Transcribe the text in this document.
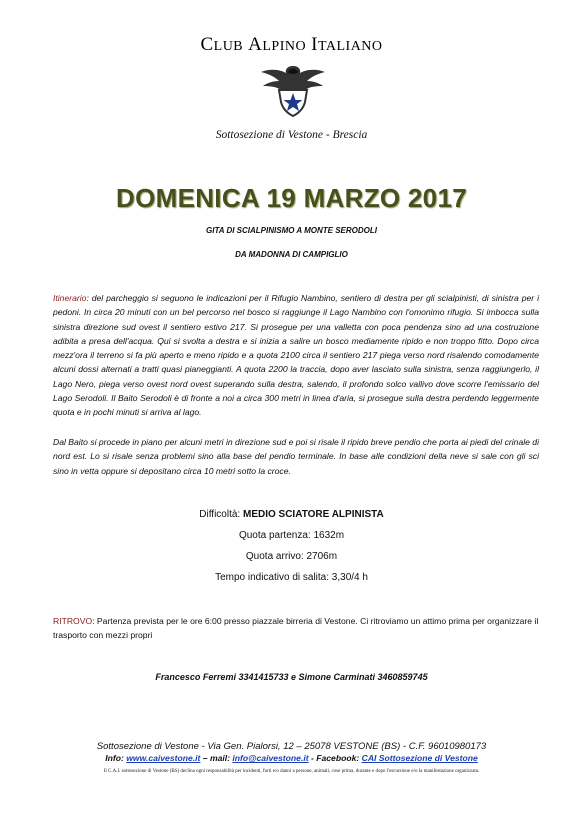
CLUB ALPINO ITALIANO
Sottosezione di Vestone - Brescia
DOMENICA 19 MARZO 2017
GITA DI SCIALPINISMO A MONTE SERODOLI
DA MADONNA DI CAMPIGLIO

Itinerario: del parcheggio si seguono le indicazioni per il Rifugio Nambino, sentiero di destra per gli scialpinisti, di sinistra per i pedoni. In circa 20 minuti con un bel percorso nel bosco si raggiunge il Lago Nambino con l'omonimo rifugio. Si imbocca sulla sinistra direzione sud ovest il sentiero estivo 217. Si prosegue per una valletta con poca pendenza sino ad una costruzione adibita a presa dell'acqua. Qui si svolta a destra e si inizia a salire un bosco mediamente ripido e non troppo fitto. Dopo circa mezz'ora il terreno si fa più aperto e meno ripido e a quota 2100 circa il sentiero 217 piega verso nord risalendo comodamente alcuni dossi alternati a tratti quasi pianeggianti. A quota 2200 la traccia, dopo aver lasciato sulla sinistra, senza raggiungerlo, il Lago Nero, piega verso ovest nord ovest superando sulla destra, salendo, il profondo solco vallivo dove scorre l'emissario del Lago Serodoli. Il Baito Serodoli è di fronte a noi a circa 300 metri in linea d'aria, si prosegue sulla destra perdendo leggermente quota e in pochi minuti si arriva al lago.

Dal Baito si procede in piano per alcuni metri in direzione sud e poi si risale il ripido breve pendio che porta ai piedi del crinale di nord est. Lo si risale senza problemi sino alla base del pendio terminale. In base alle condizioni della neve si sale con gli sci sino in vetta oppure si depositano circa 10 metri sotto la croce.

Difficoltà: MEDIO SCIATORE ALPINISTA
Quota partenza: 1632m
Quota arrivo: 2706m
Tempo indicativo di salita: 3,30/4 h

RITROVO: Partenza prevista per le ore 6:00 presso piazzale birreria di Vestone. Ci ritroviamo un attimo prima per organizzare il trasporto con mezzi propri

Francesco Ferremi 3341415733 e Simone Carminati 3460859745
Sottosezione di Vestone - Via Gen. Pialorsi, 12 – 25078 VESTONE (BS) - C.F. 96010980173
Info: www.caivestone.it – mail: info@caivestone.it - Facebook: CAI Sottosezione di Vestone
Il C.A.I. sottosezione di Vestone (BS) declina ogni responsabilità per incidenti, furti e/o danni a persone, animali, cose prima, durante e dopo l'escursione e/o la manifestazione organizzata.
